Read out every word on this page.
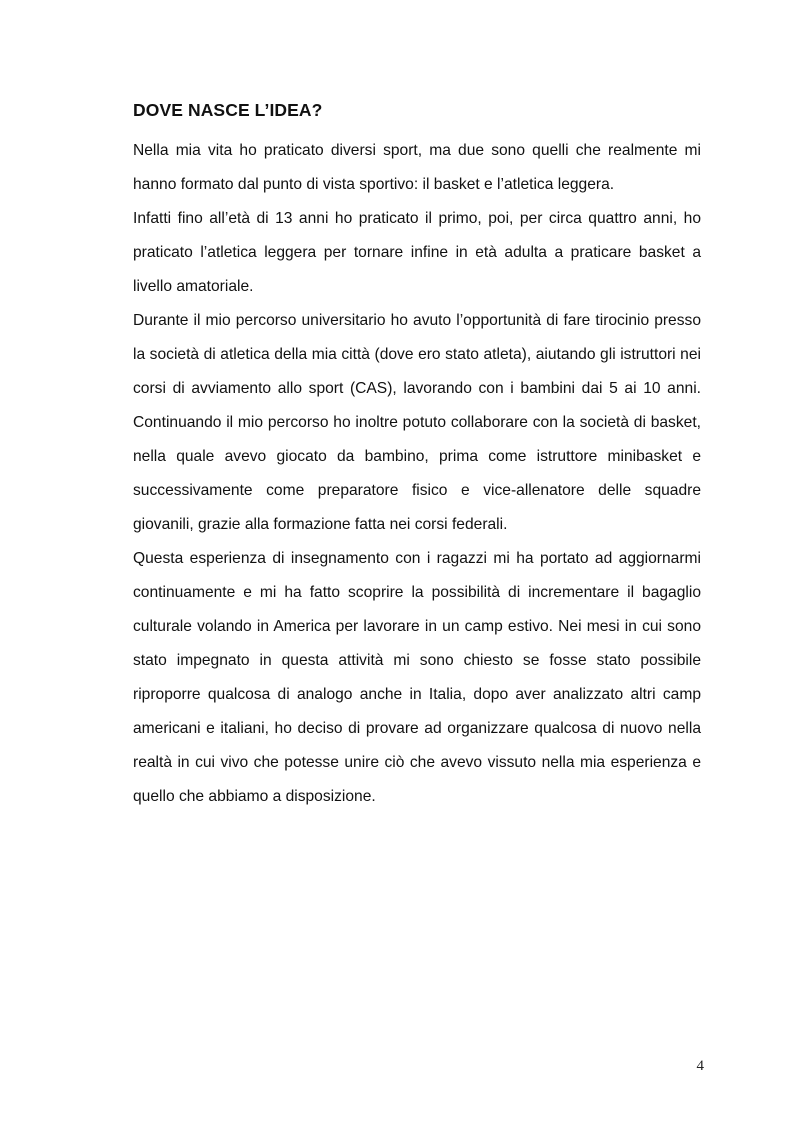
DOVE NASCE L’IDEA?

Nella mia vita ho praticato diversi sport, ma due sono quelli che realmente mi hanno formato dal punto di vista sportivo: il basket e l’atletica leggera.

Infatti fino all’età di 13 anni ho praticato il primo, poi, per circa quattro anni, ho praticato l’atletica leggera per tornare infine in età adulta a praticare basket a livello amatoriale.

Durante il mio percorso universitario ho avuto l’opportunità di fare tirocinio presso la società di atletica della mia città (dove ero stato atleta), aiutando gli istruttori nei corsi di avviamento allo sport (CAS), lavorando con i bambini dai 5 ai 10 anni. Continuando il mio percorso ho inoltre potuto collaborare con la società di basket, nella quale avevo giocato da bambino, prima come istruttore minibasket e successivamente come preparatore fisico e vice-allenatore delle squadre giovanili, grazie alla formazione fatta nei corsi federali.

Questa esperienza di insegnamento con i ragazzi mi ha portato ad aggiornarmi continuamente e mi ha fatto scoprire la possibilità di incrementare il bagaglio culturale volando in America per lavorare in un camp estivo. Nei mesi in cui sono stato impegnato in questa attività mi sono chiesto se fosse stato possibile riproporre qualcosa di analogo anche in Italia, dopo aver analizzato altri camp americani e italiani, ho deciso di provare ad organizzare qualcosa di nuovo nella realtà in cui vivo che potesse unire ciò che avevo vissuto nella mia esperienza e quello che abbiamo a disposizione.

4
